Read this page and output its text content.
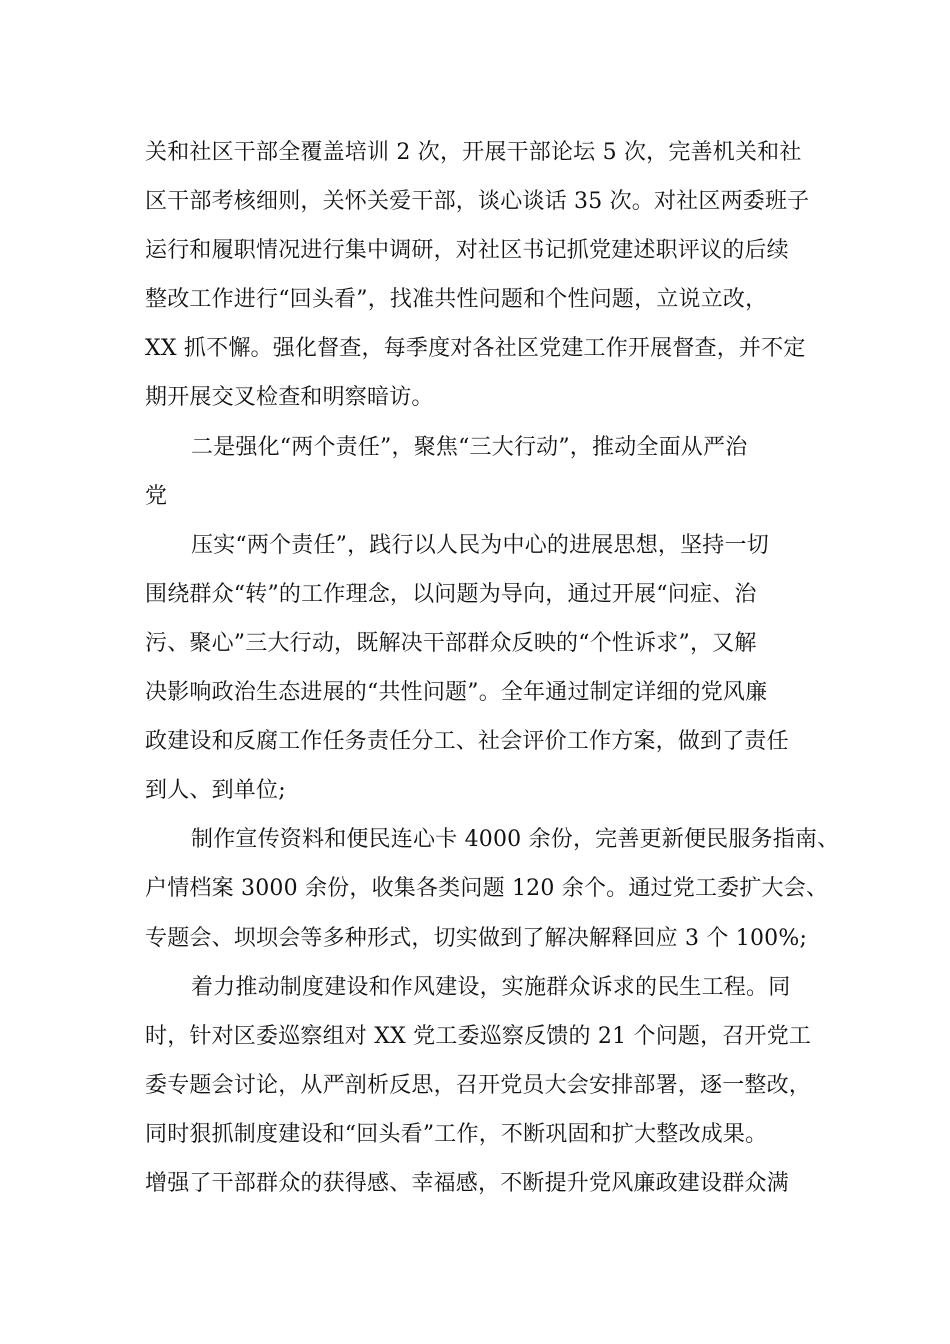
关和社区干部全覆盖培训 2 次，开展干部论坛 5 次，完善机关和社
区干部考核细则，关怀关爱干部，谈心谈话 35 次。对社区两委班子
运行和履职情况进行集中调研，对社区书记抓党建述职评议的后续
整改工作进行“回头看”，找准共性问题和个性问题，立说立改，
XX 抓不懈。强化督查，每季度对各社区党建工作开展督查，并不定
期开展交叉检查和明察暗访。
二是强化“两个责任”，聚焦“三大行动”，推动全面从严治
党
压实“两个责任”，践行以人民为中心的进展思想，坚持一切
围绕群众“转”的工作理念，以问题为导向，通过开展“问症、治
污、聚心”三大行动，既解决干部群众反映的“个性诉求”，又解
决影响政治生态进展的“共性问题”。全年通过制定详细的党风廉
政建设和反腐工作任务责任分工、社会评价工作方案，做到了责任
到人、到单位;
制作宣传资料和便民连心卡 4000 余份，完善更新便民服务指南、
户情档案 3000 余份，收集各类问题 120 余个。通过党工委扩大会、
专题会、坝坝会等多种形式，切实做到了解决解释回应 3 个 100%;
着力推动制度建设和作风建设，实施群众诉求的民生工程。同
时，针对区委巡察组对 XX 党工委巡察反馈的 21 个问题，召开党工
委专题会讨论，从严剖析反思，召开党员大会安排部署，逐一整改，
同时狠抓制度建设和“回头看”工作，不断巩固和扩大整改成果。
增强了干部群众的获得感、幸福感，不断提升党风廉政建设群众满
